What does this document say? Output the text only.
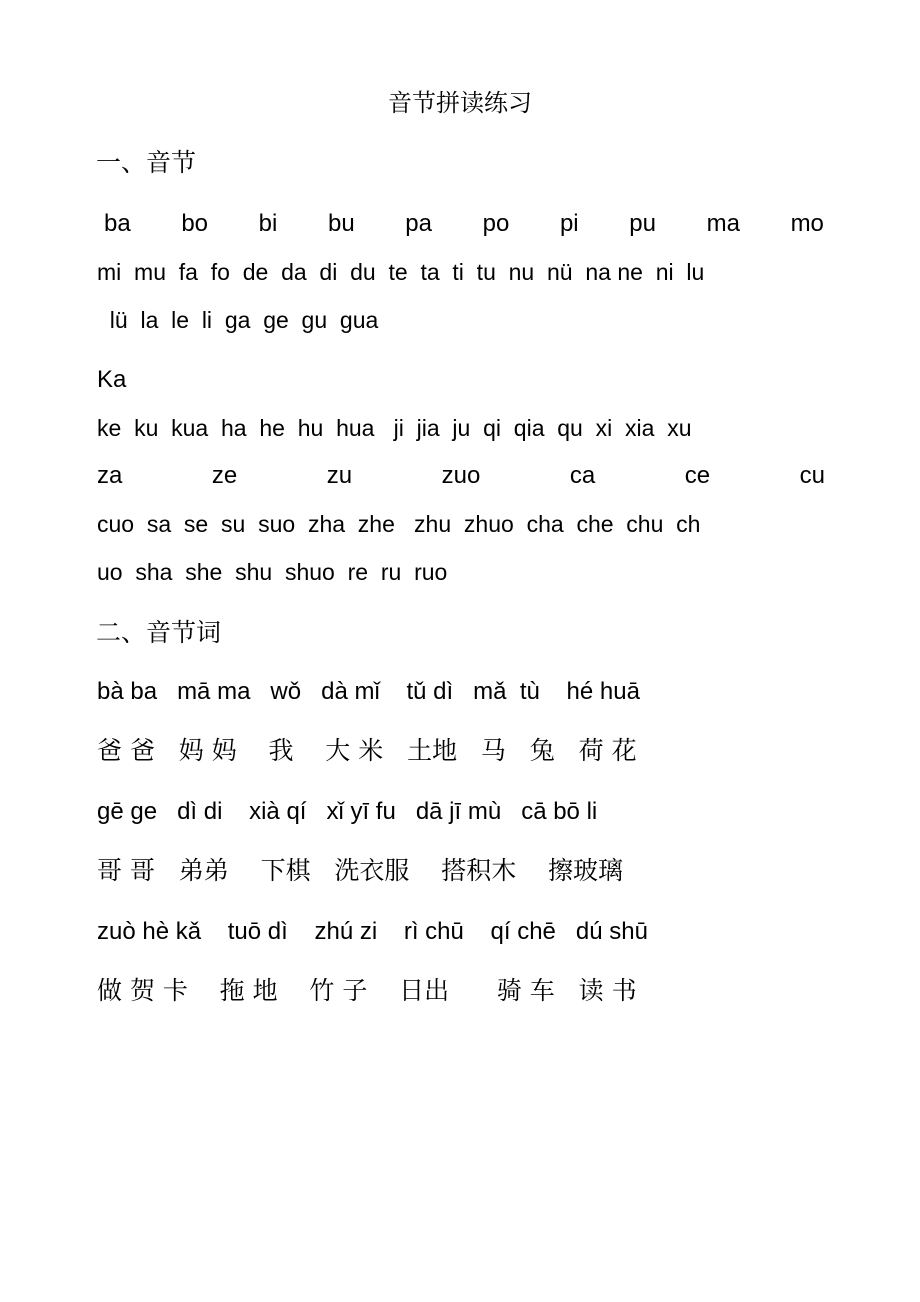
音节拼读练习
一、音节
ba bo bi bu pa po pi pu ma mo
mi  mu  fa  fo  de  da  di  du  te  ta  ti  tu  nu  nü  na ne  ni  lu
lü  la  le  li  ga  ge  gu  gua
Ka
ke  ku  kua  ha  he  hu  hua   ji  jia  ju  qi  qia  qu  xi  xia  xu
za	ze	zu	zuo	ca	ce	cu
cuo  sa  se  su  suo  zha  zhe   zhu  zhuo  cha  che  chu  ch
uo  sha  she  shu  shuo  re  ru  ruo
二、音节词
bà ba   mā ma   wǒ   dà mǐ    tǔ dì   mǎ  tù    hé huā
爸 爸   妈 妈    我    大 米   土地   马   兔   荷 花
gē ge   dì di    xià qí   xǐ yī fu   dā jī mù   cā bō li
哥 哥   弟弟    下棋   洗衣服    搭积木    擦玻璃
zuò hè kǎ    tuō dì    zhú zi    rì chū    qí chē   dú shū
做 贺 卡    拖 地    竹 子    日出      骑 车   读 书
